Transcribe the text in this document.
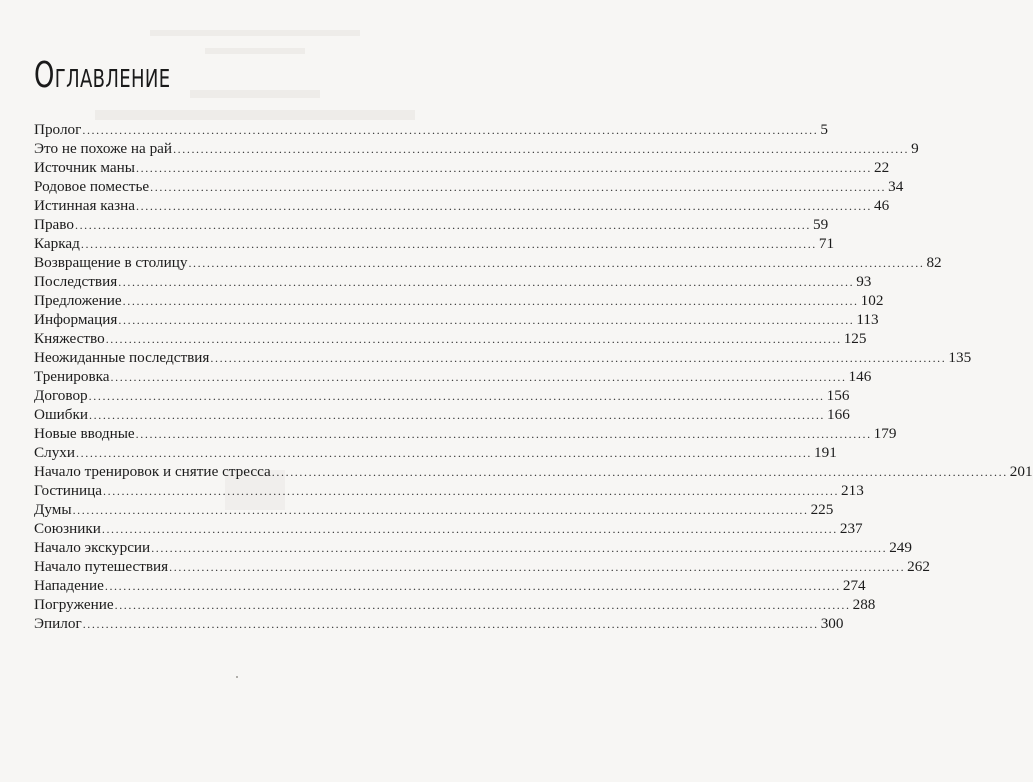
Оглавление
Пролог ................................................................................................................................................................ 5
Это не похоже на рай ................................................................................................................................................................ 9
Источник маны ................................................................................................................................................................ 22
Родовое поместье ................................................................................................................................................................ 34
Истинная казна ................................................................................................................................................................ 46
Право ................................................................................................................................................................ 59
Каркад ................................................................................................................................................................ 71
Возвращение в столицу ................................................................................................................................................................ 82
Последствия ................................................................................................................................................................ 93
Предложение ................................................................................................................................................................ 102
Информация ................................................................................................................................................................ 113
Княжество ................................................................................................................................................................ 125
Неожиданные последствия ................................................................................................................................................................ 135
Тренировка ................................................................................................................................................................ 146
Договор ................................................................................................................................................................ 156
Ошибки ................................................................................................................................................................ 166
Новые вводные ................................................................................................................................................................ 179
Слухи ................................................................................................................................................................ 191
Начало тренировок и снятие стресса ................................................................................................................................................................ 201
Гостиница ................................................................................................................................................................ 213
Думы ................................................................................................................................................................ 225
Союзники ................................................................................................................................................................ 237
Начало экскурсии ................................................................................................................................................................ 249
Начало путешествия ................................................................................................................................................................ 262
Нападение ................................................................................................................................................................ 274
Погружение ................................................................................................................................................................ 288
Эпилог ................................................................................................................................................................ 300
